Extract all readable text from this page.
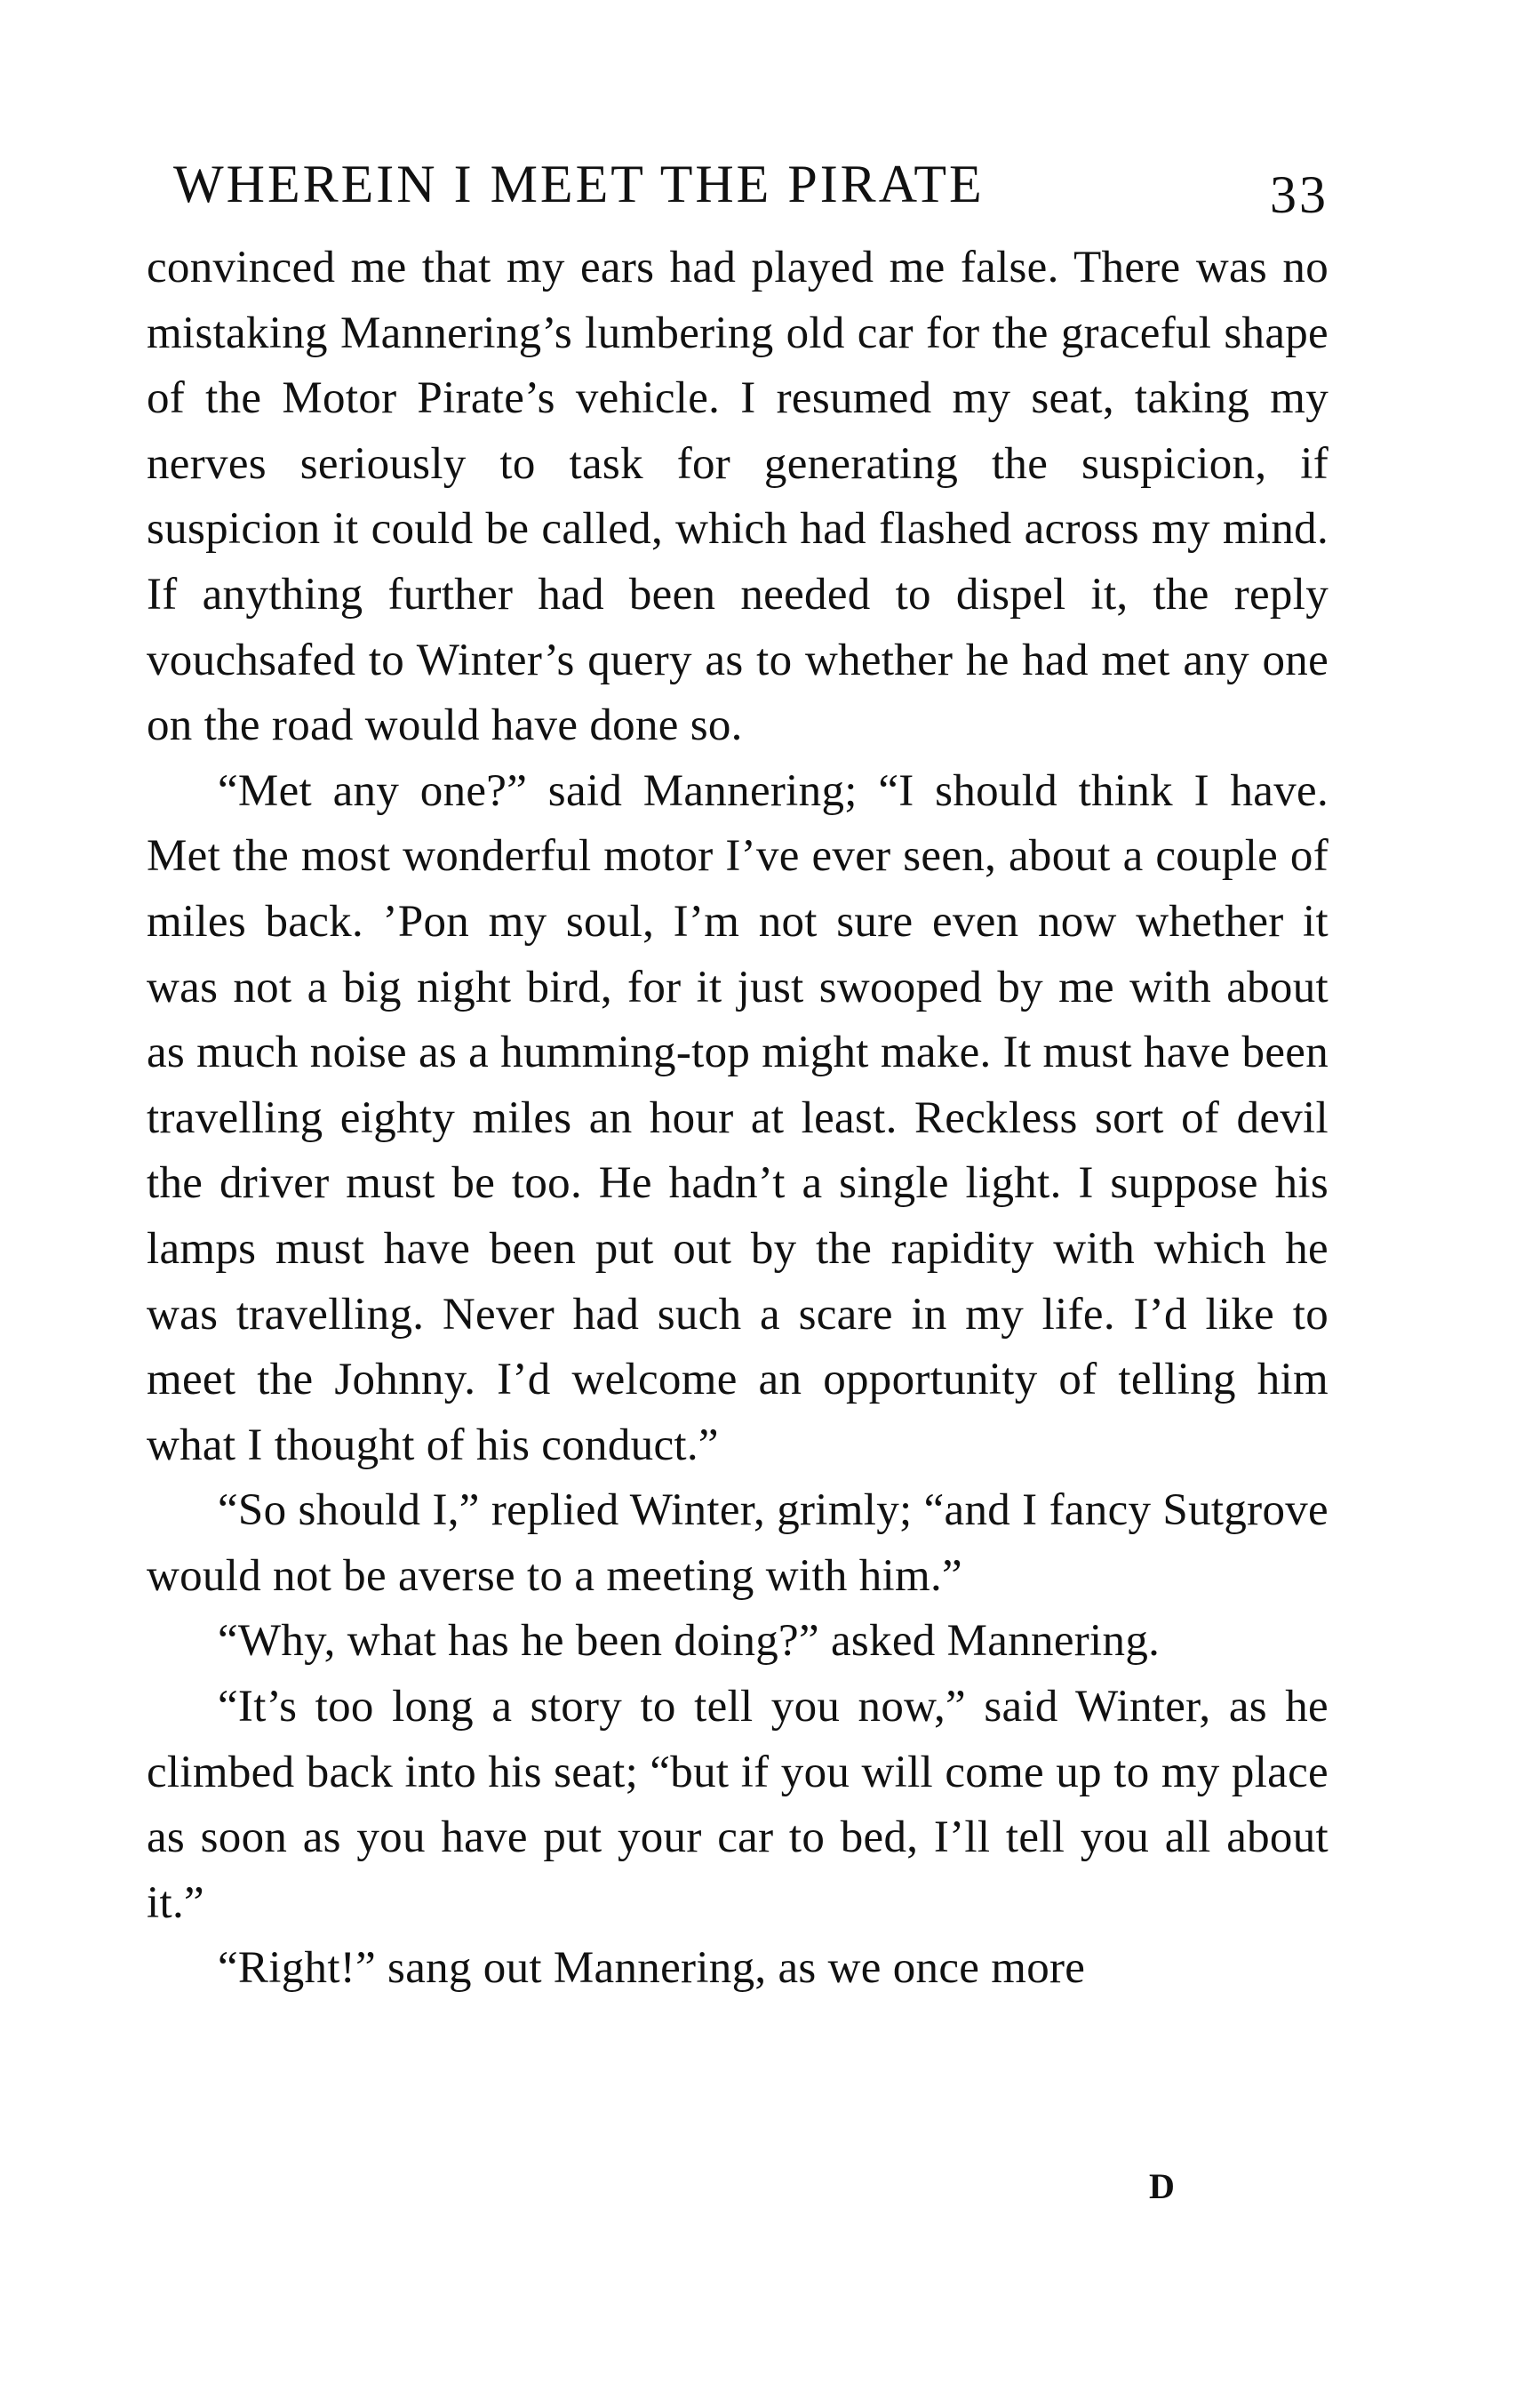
WHEREIN I MEET THE PIRATE	33

convinced me that my ears had played me false. There was no mistaking Mannering’s lumbering old car for the graceful shape of the Motor Pirate’s vehicle. I resumed my seat, taking my nerves seriously to task for generating the suspicion, if suspicion it could be called, which had flashed across my mind. If anything further had been needed to dispel it, the reply vouchsafed to Winter’s query as to whether he had met any one on the road would have done so.

“Met any one?” said Mannering; “I should think I have. Met the most wonderful motor I’ve ever seen, about a couple of miles back. ’Pon my soul, I’m not sure even now whether it was not a big night bird, for it just swooped by me with about as much noise as a humming-top might make. It must have been travelling eighty miles an hour at least. Reckless sort of devil the driver must be too. He hadn’t a single light. I suppose his lamps must have been put out by the rapidity with which he was travelling. Never had such a scare in my life. I’d like to meet the Johnny. I’d welcome an opportunity of telling him what I thought of his conduct.”

“So should I,” replied Winter, grimly; “and I fancy Sutgrove would not be averse to a meeting with him.”

“Why, what has he been doing?” asked Mannering.

“It’s too long a story to tell you now,” said Winter, as he climbed back into his seat; “but if you will come up to my place as soon as you have put your car to bed, I’ll tell you all about it.”

“Right!” sang out Mannering, as we once more

D
